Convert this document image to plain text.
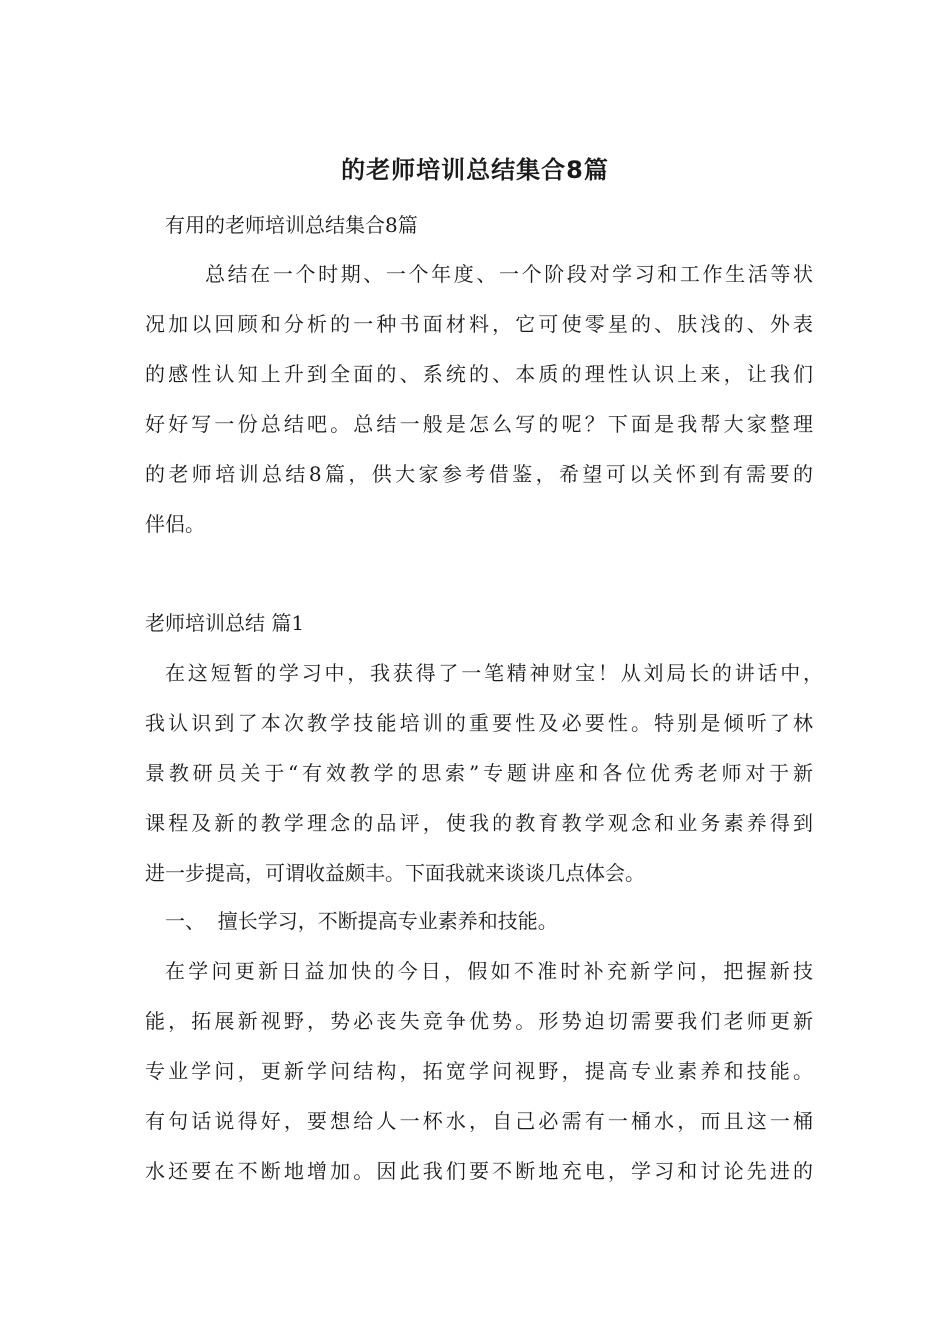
的老师培训总结集合8篇
有用的老师培训总结集合8篇
总结在一个时期、一个年度、一个阶段对学习和工作生活等状
况加以回顾和分析的一种书面材料，它可使零星的、肤浅的、外表
的感性认知上升到全面的、系统的、本质的理性认识上来，让我们
好好写一份总结吧。总结一般是怎么写的呢？下面是我帮大家整理
的老师培训总结8篇，供大家参考借鉴，希望可以关怀到有需要的
伴侣。
老师培训总结 篇1
在这短暂的学习中，我获得了一笔精神财宝！从刘局长的讲话中，
我认识到了本次教学技能培训的重要性及必要性。特别是倾听了林
景教研员关于“有效教学的思索”专题讲座和各位优秀老师对于新
课程及新的教学理念的品评，使我的教育教学观念和业务素养得到
进一步提高，可谓收益颇丰。下面我就来谈谈几点体会。
一、  擅长学习，不断提高专业素养和技能。
在学问更新日益加快的今日，假如不准时补充新学问，把握新技
能，拓展新视野，势必丧失竞争优势。形势迫切需要我们老师更新
专业学问，更新学问结构，拓宽学问视野，提高专业素养和技能。
有句话说得好，要想给人一杯水，自己必需有一桶水，而且这一桶
水还要在不断地增加。因此我们要不断地充电，学习和讨论先进的
